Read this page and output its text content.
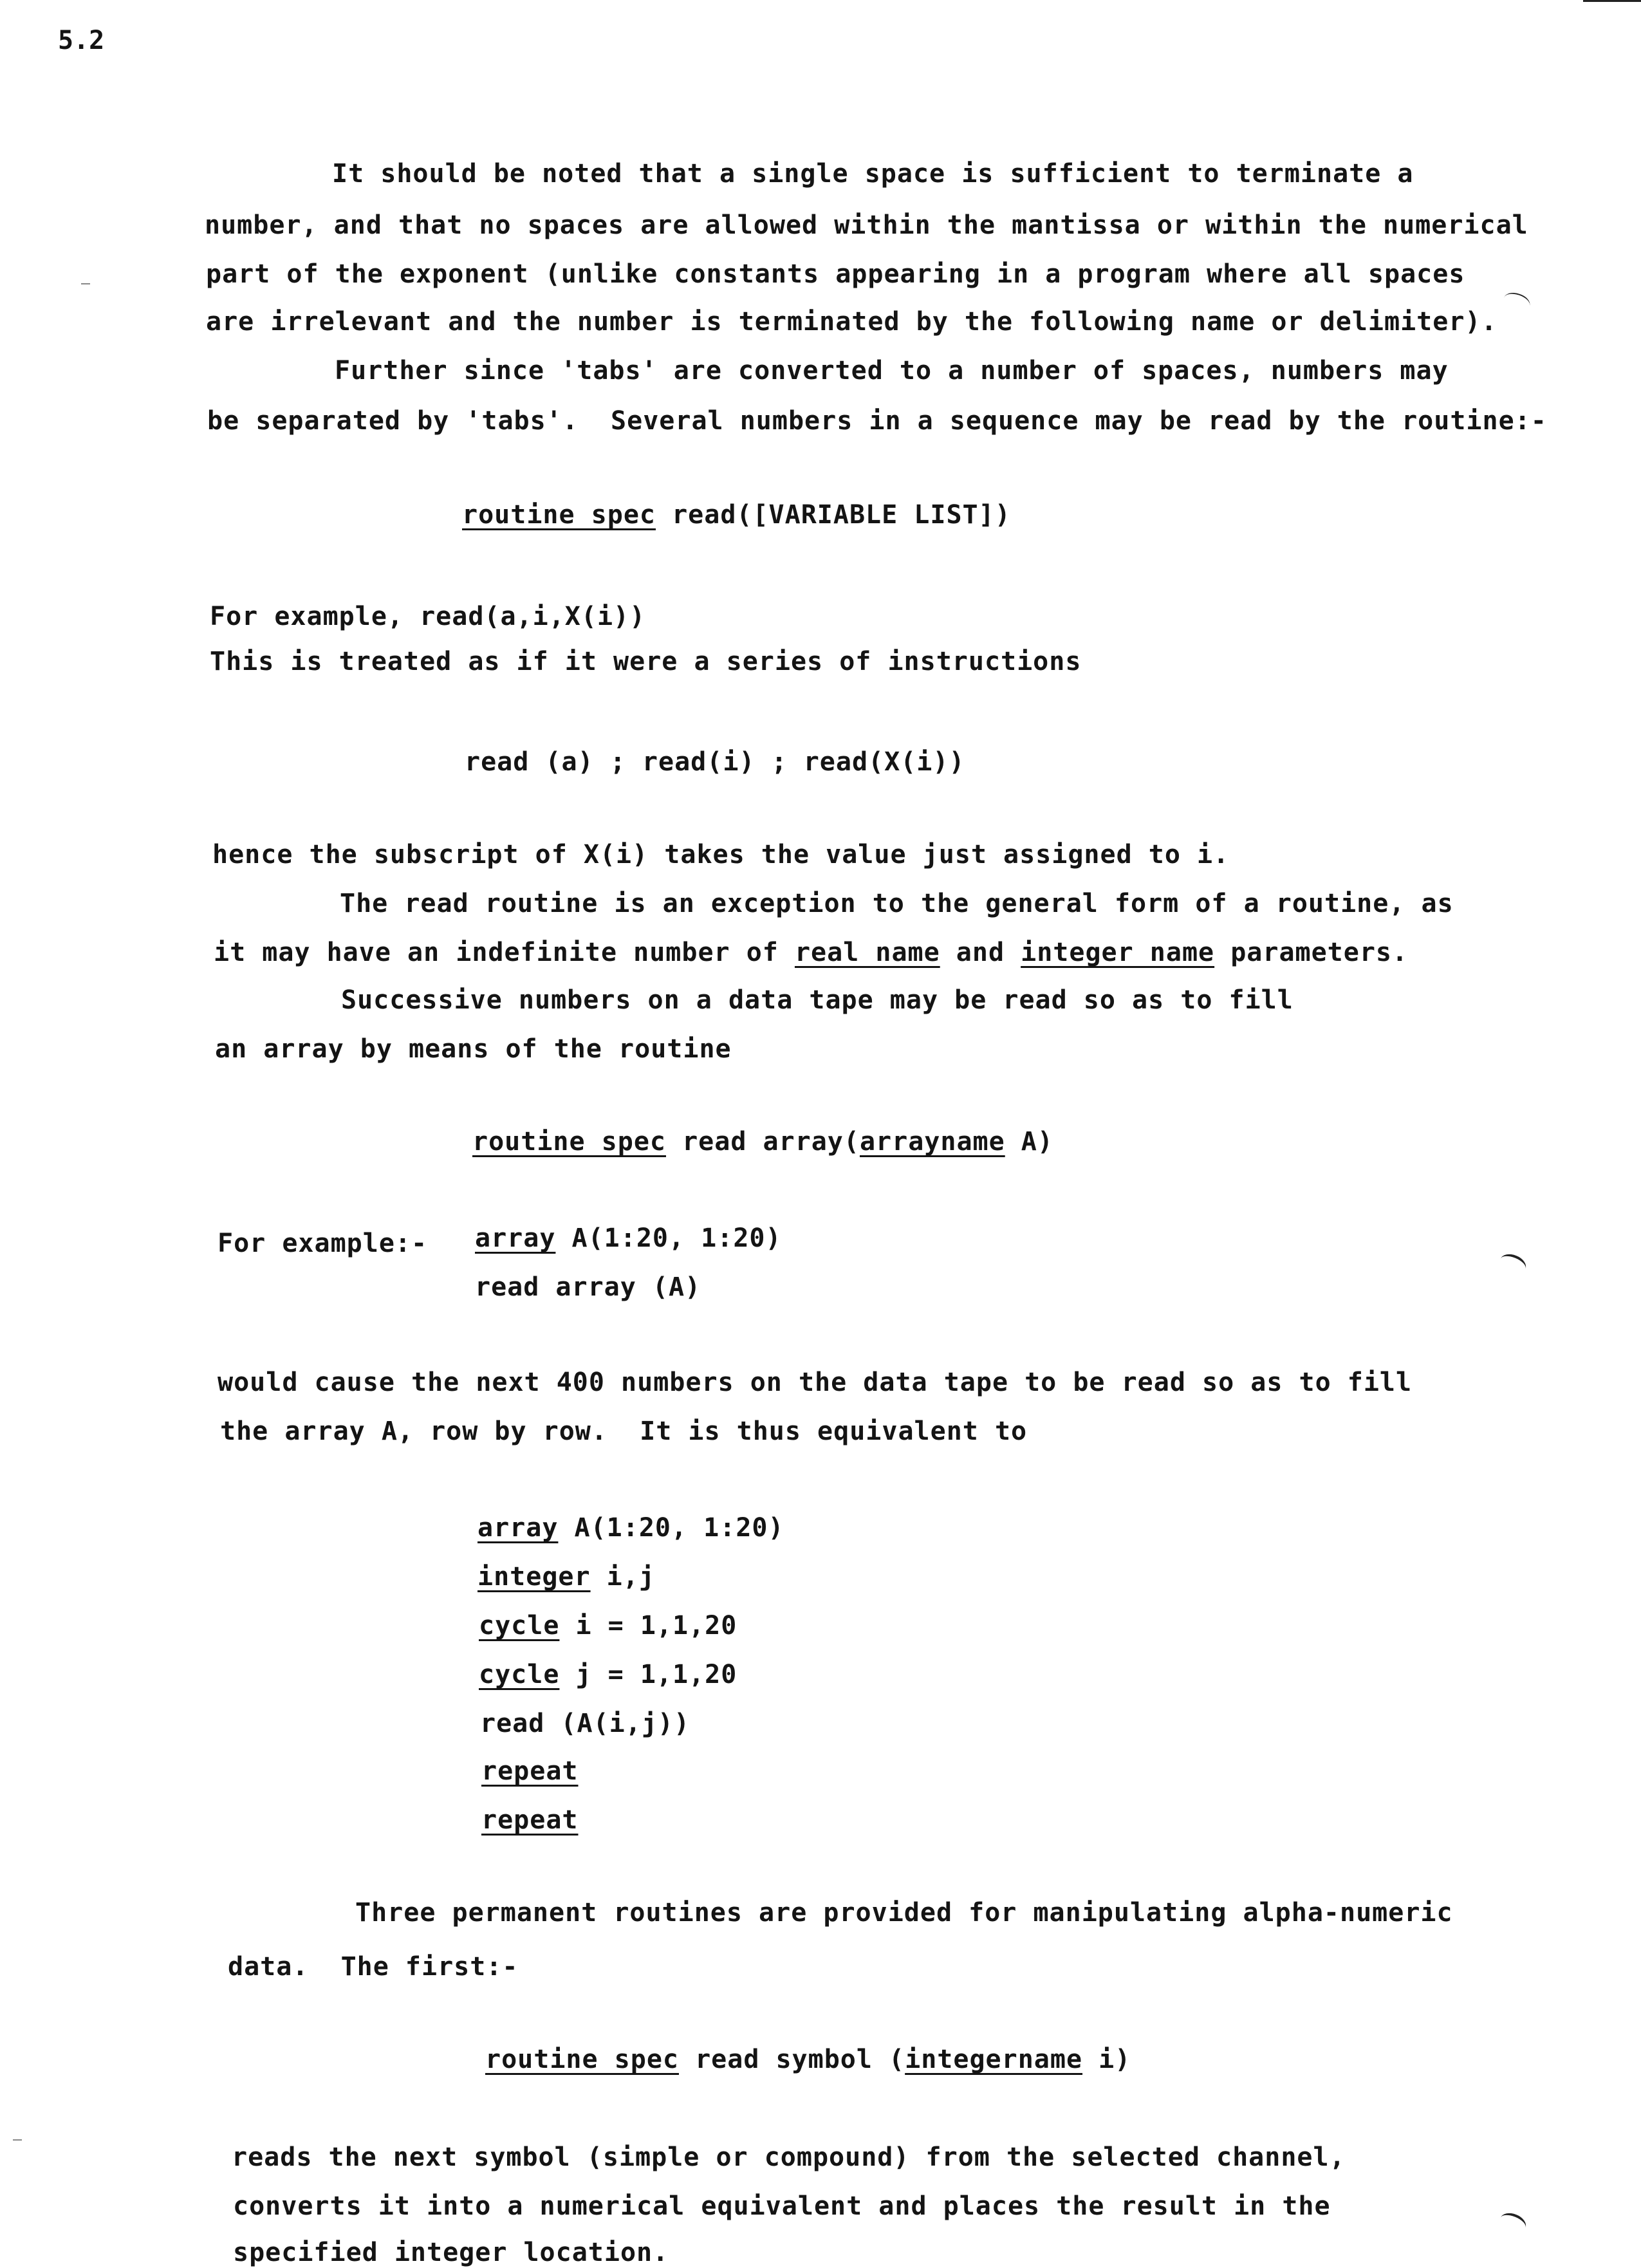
5.2
It should be noted that a single space is sufficient to terminate a
number, and that no spaces are allowed within the mantissa or within the numerical
part of the exponent (unlike constants appearing in a program where all spaces
are irrelevant and the number is terminated by the following name or delimiter).
Further since 'tabs' are converted to a number of spaces, numbers may
be separated by 'tabs'.  Several numbers in a sequence may be read by the routine:-
routine spec read([VARIABLE LIST])
For example, read(a,i,X(i))
This is treated as if it were a series of instructions
read (a) ; read(i) ; read(X(i))
hence the subscript of X(i) takes the value just assigned to i.
The read routine is an exception to the general form of a routine, as
it may have an indefinite number of real name and integer name parameters.
Successive numbers on a data tape may be read so as to fill
an array by means of the routine
routine spec read array(arrayname A)
For example:- array A(1:20, 1:20)
read array (A)
would cause the next 400 numbers on the data tape to be read so as to fill
the array A, row by row.  It is thus equivalent to
array A(1:20, 1:20)
integer i,j
cycle i = 1,1,20
cycle j = 1,1,20
read (A(i,j))
repeat
repeat
Three permanent routines are provided for manipulating alpha-numeric
data.  The first:-
routine spec read symbol (integername i)
reads the next symbol (simple or compound) from the selected channel,
converts it into a numerical equivalent and places the result in the
specified integer location.
